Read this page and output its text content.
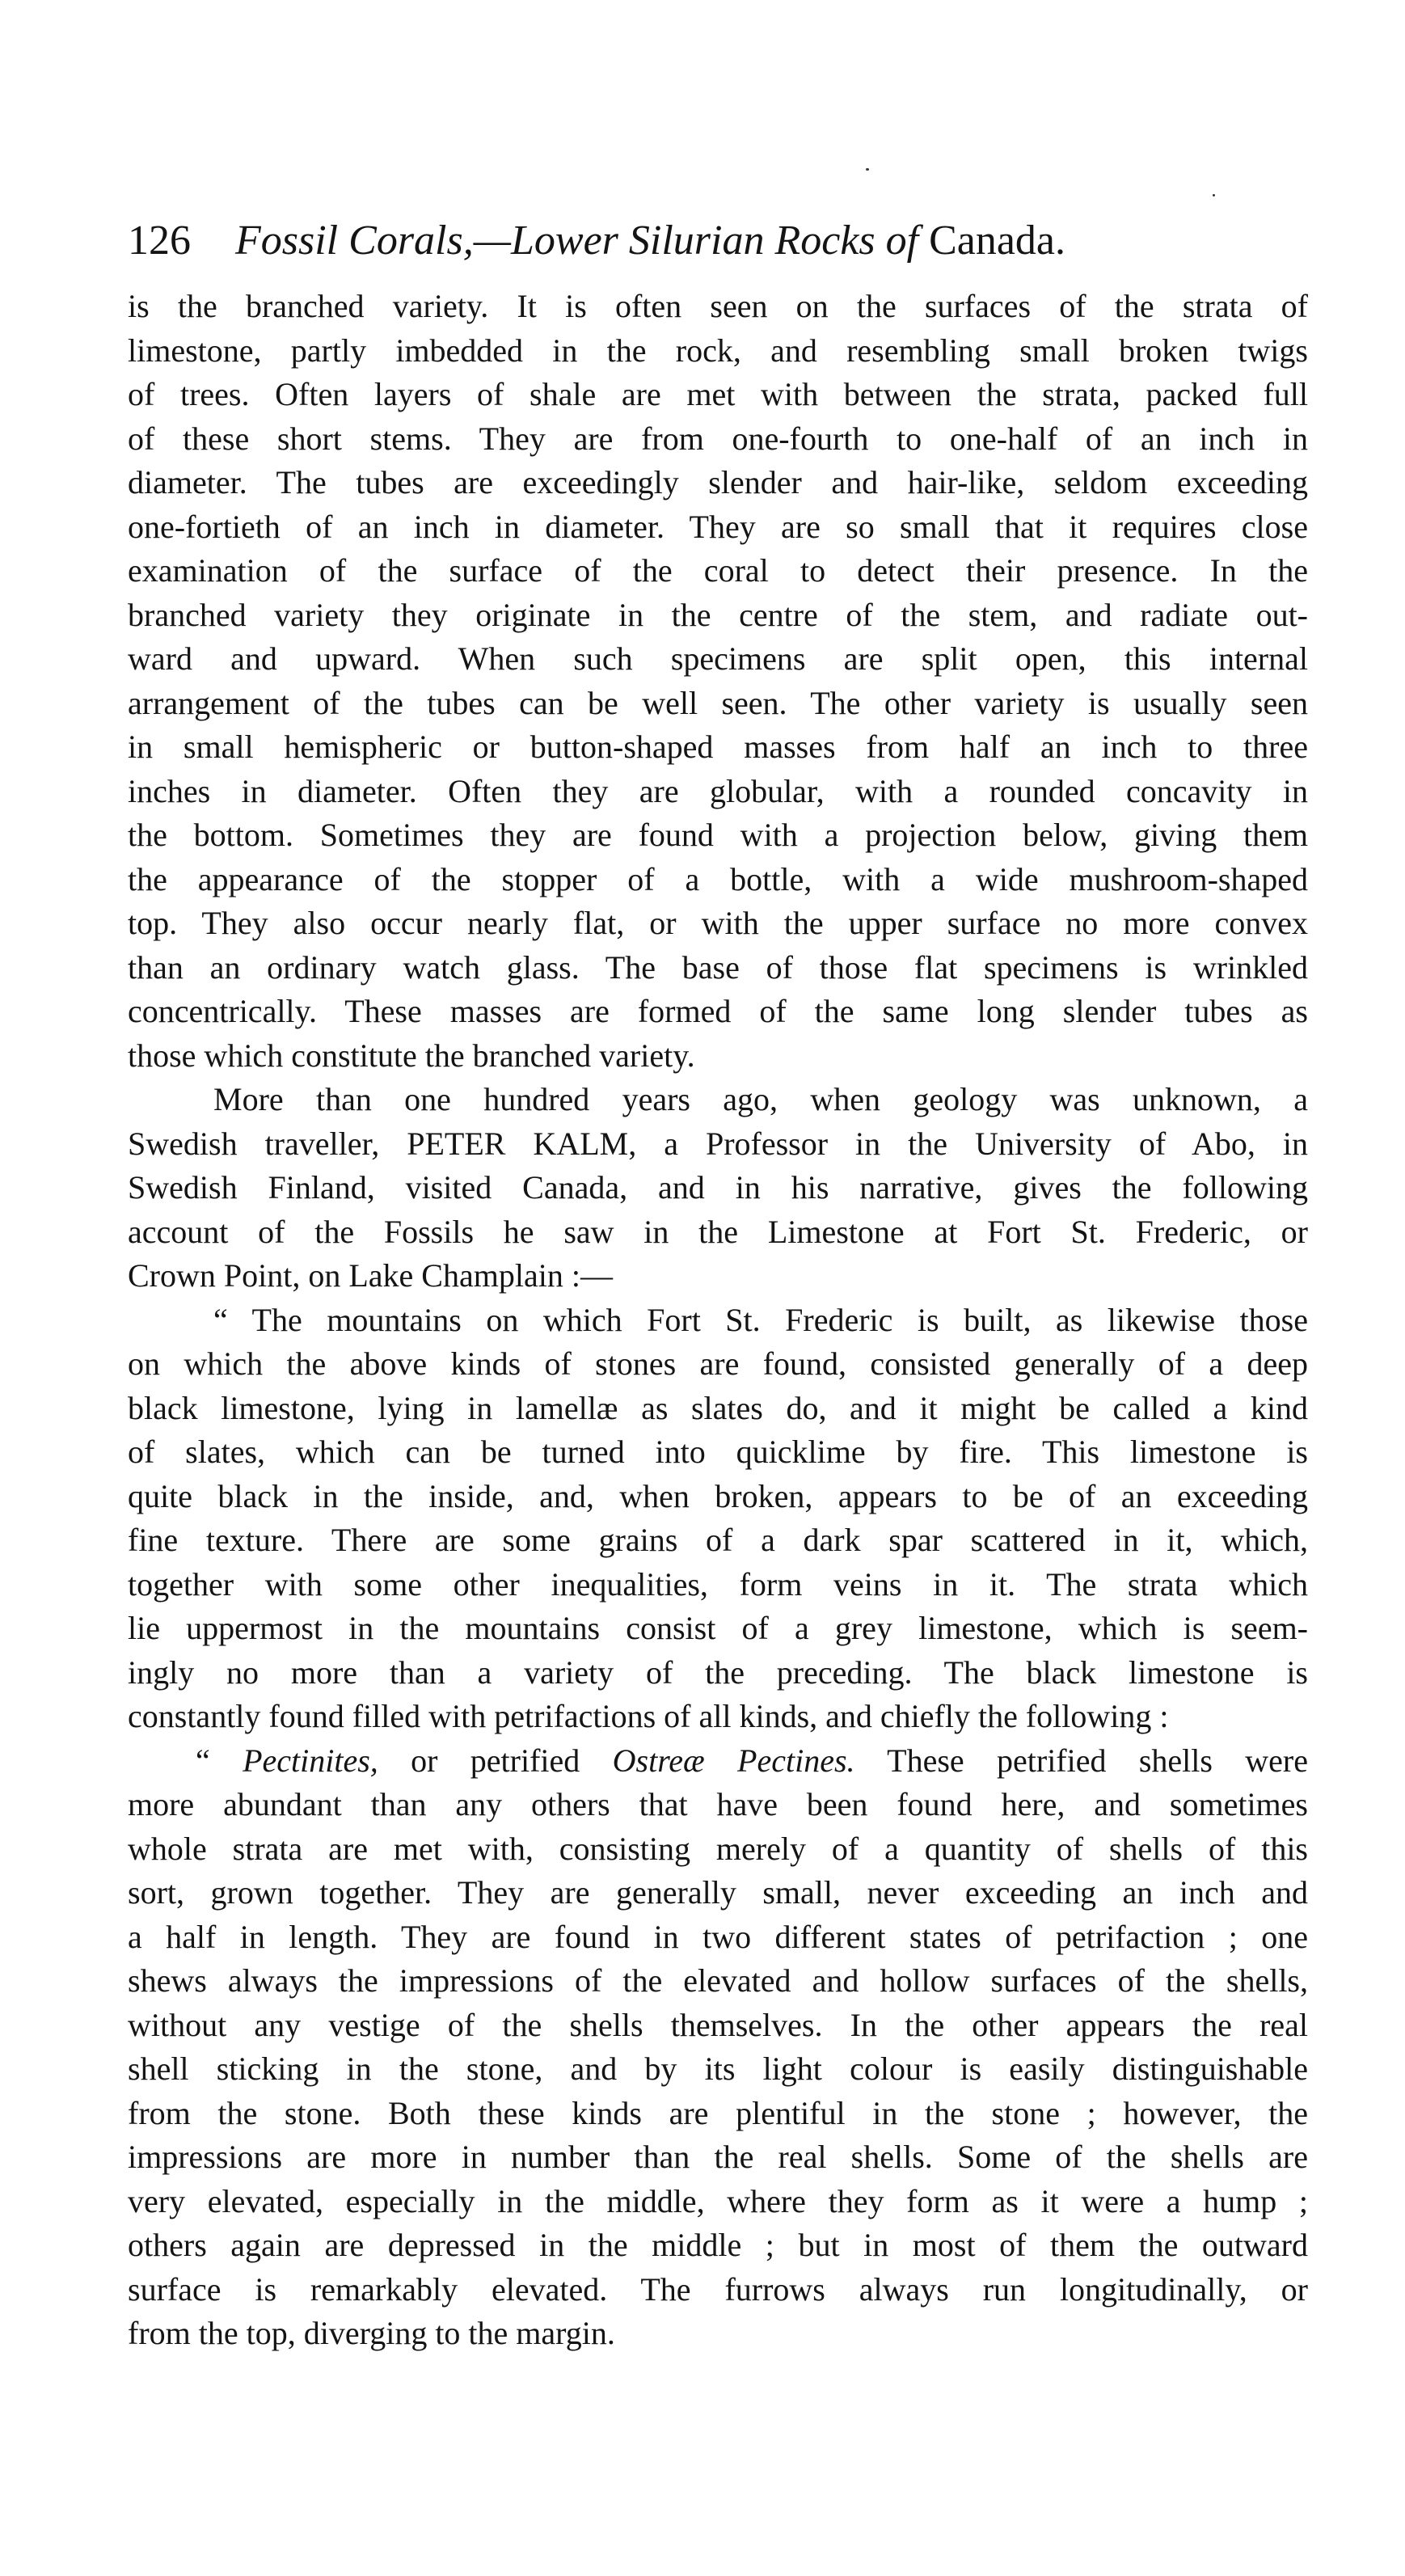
126 Fossil Corals,—Lower Silurian Rocks of Canada.
is the branched variety. It is often seen on the surfaces of the strata of
limestone, partly imbedded in the rock, and resembling small broken twigs
of trees. Often layers of shale are met with between the strata, packed full
of these short stems. They are from one-fourth to one-half of an inch in
diameter. The tubes are exceedingly slender and hair-like, seldom exceeding
one-fortieth of an inch in diameter. They are so small that it requires close
examination of the surface of the coral to detect their presence. In the
branched variety they originate in the centre of the stem, and radiate out-
ward and upward. When such specimens are split open, this internal
arrangement of the tubes can be well seen. The other variety is usually seen
in small hemispheric or button-shaped masses from half an inch to three
inches in diameter. Often they are globular, with a rounded concavity in
the bottom. Sometimes they are found with a projection below, giving them
the appearance of the stopper of a bottle, with a wide mushroom-shaped
top. They also occur nearly flat, or with the upper surface no more convex
than an ordinary watch glass. The base of those flat specimens is wrinkled
concentrically. These masses are formed of the same long slender tubes as
those which constitute the branched variety.
More than one hundred years ago, when geology was unknown, a
Swedish traveller, PETER KALM, a Professor in the University of Abo, in
Swedish Finland, visited Canada, and in his narrative, gives the following
account of the Fossils he saw in the Limestone at Fort St. Frederic, or
Crown Point, on Lake Champlain :—
“ The mountains on which Fort St. Frederic is built, as likewise those
on which the above kinds of stones are found, consisted generally of a deep
black limestone, lying in lamellæ as slates do, and it might be called a kind
of slates, which can be turned into quicklime by fire. This limestone is
quite black in the inside, and, when broken, appears to be of an exceeding
fine texture. There are some grains of a dark spar scattered in it, which,
together with some other inequalities, form veins in it. The strata which
lie uppermost in the mountains consist of a grey limestone, which is seem-
ingly no more than a variety of the preceding. The black limestone is
constantly found filled with petrifactions of all kinds, and chiefly the following :
“ Pectinites, or petrified Ostreæ Pectines. These petrified shells were
more abundant than any others that have been found here, and sometimes
whole strata are met with, consisting merely of a quantity of shells of this
sort, grown together. They are generally small, never exceeding an inch and
a half in length. They are found in two different states of petrifaction ; one
shews always the impressions of the elevated and hollow surfaces of the shells,
without any vestige of the shells themselves. In the other appears the real
shell sticking in the stone, and by its light colour is easily distinguishable
from the stone. Both these kinds are plentiful in the stone ; however, the
impressions are more in number than the real shells. Some of the shells are
very elevated, especially in the middle, where they form as it were a hump ;
others again are depressed in the middle ; but in most of them the outward
surface is remarkably elevated. The furrows always run longitudinally, or
from the top, diverging to the margin.
